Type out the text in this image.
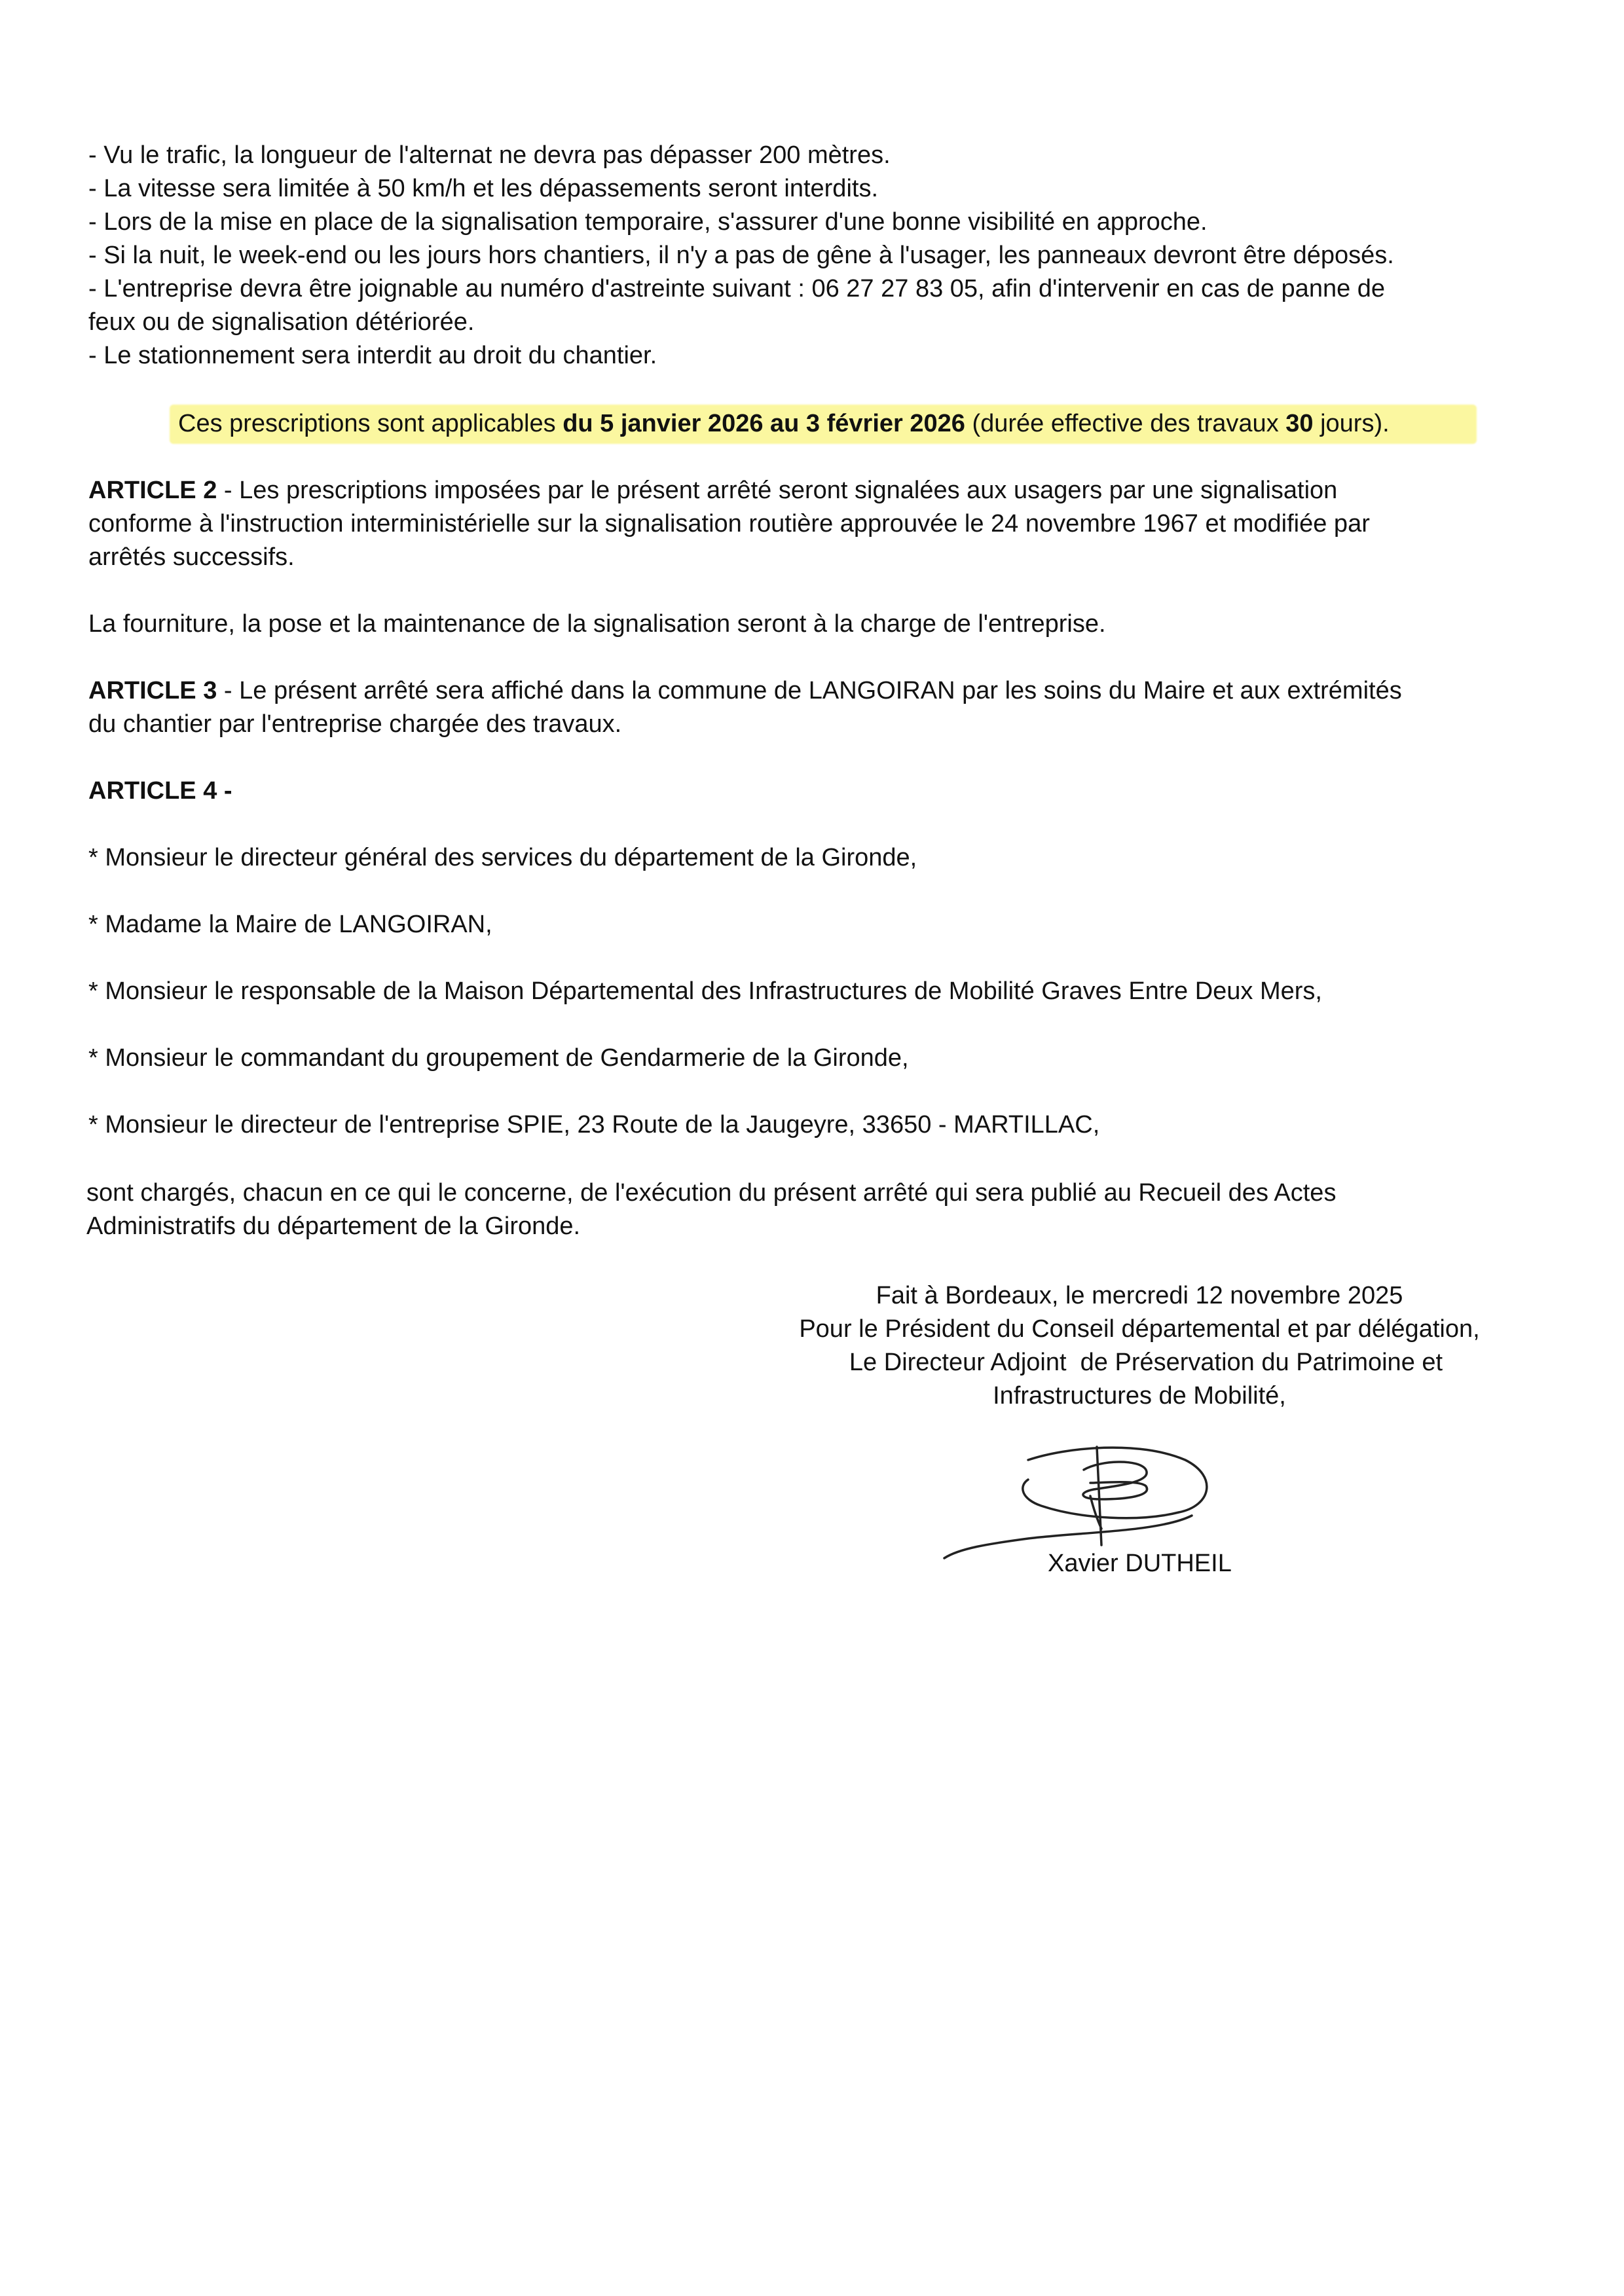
- Vu le trafic, la longueur de l'alternat ne devra pas dépasser 200 mètres.
- La vitesse sera limitée à 50 km/h et les dépassements seront interdits.
- Lors de la mise en place de la signalisation temporaire, s'assurer d'une bonne visibilité en approche.
- Si la nuit, le week-end ou les jours hors chantiers, il n'y a pas de gêne à l'usager, les panneaux devront être déposés.
- L'entreprise devra être joignable au numéro d'astreinte suivant : 06 27 27 83 05, afin d'intervenir en cas de panne de
feux ou de signalisation détériorée.
- Le stationnement sera interdit au droit du chantier.
Ces prescriptions sont applicables du 5 janvier 2026 au 3 février 2026 (durée effective des travaux 30 jours).
ARTICLE 2 - Les prescriptions imposées par le présent arrêté seront signalées aux usagers par une signalisation
conforme à l'instruction interministérielle sur la signalisation routière approuvée le 24 novembre 1967 et modifiée par
arrêtés successifs.
La fourniture, la pose et la maintenance de la signalisation seront à la charge de l'entreprise.
ARTICLE 3 - Le présent arrêté sera affiché dans la commune de LANGOIRAN par les soins du Maire et aux extrémités
du chantier par l'entreprise chargée des travaux.
ARTICLE 4 -
* Monsieur le directeur général des services du département de la Gironde,
* Madame la Maire de LANGOIRAN,
* Monsieur le responsable de la Maison Départemental des Infrastructures de Mobilité Graves Entre Deux Mers,
* Monsieur le commandant du groupement de Gendarmerie de la Gironde,
* Monsieur le directeur de l'entreprise SPIE, 23 Route de la Jaugeyre, 33650 - MARTILLAC,
sont chargés, chacun en ce qui le concerne, de l'exécution du présent arrêté qui sera publié au Recueil des Actes
Administratifs du département de la Gironde.
Fait à Bordeaux, le mercredi 12 novembre 2025
Pour le Président du Conseil départemental et par délégation,
Le Directeur Adjoint  de Préservation du Patrimoine et
Infrastructures de Mobilité,
Xavier DUTHEIL
